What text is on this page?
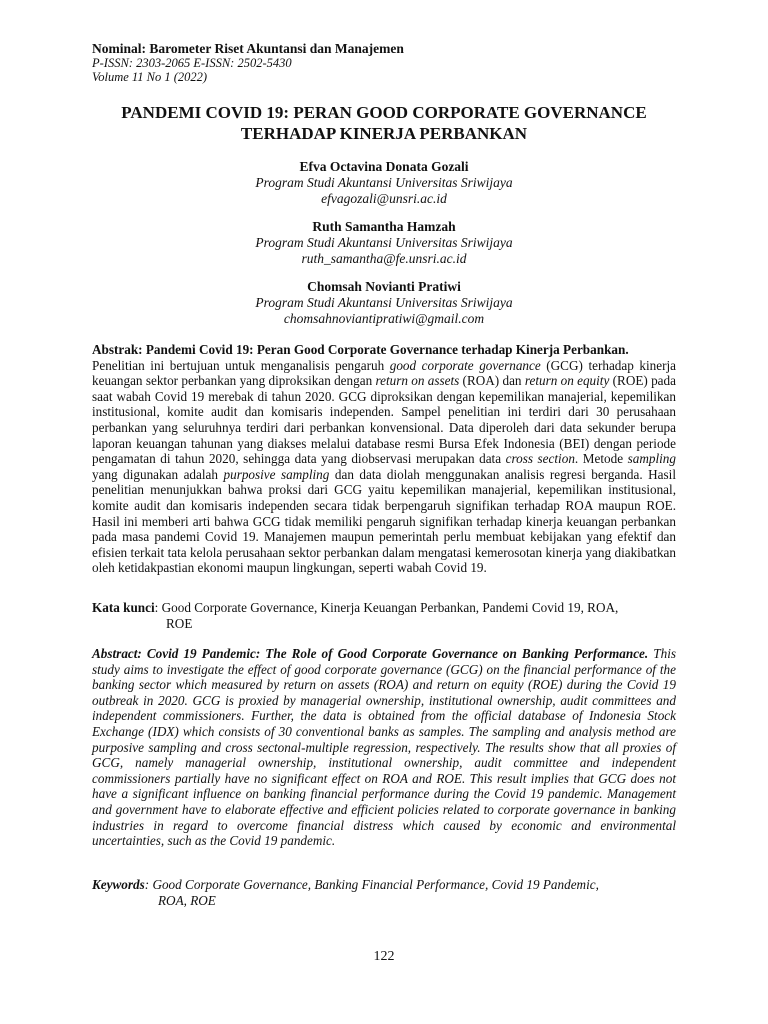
Nominal: Barometer Riset Akuntansi dan Manajemen
P-ISSN: 2303-2065 E-ISSN: 2502-5430
Volume 11 No 1 (2022)
PANDEMI COVID 19: PERAN GOOD CORPORATE GOVERNANCE
TERHADAP KINERJA PERBANKAN
Efva Octavina Donata Gozali
Program Studi Akuntansi Universitas Sriwijaya
efvagozali@unsri.ac.id
Ruth Samantha Hamzah
Program Studi Akuntansi Universitas Sriwijaya
ruth_samantha@fe.unsri.ac.id
Chomsah Novianti Pratiwi
Program Studi Akuntansi Universitas Sriwijaya
chomsahnoviantipratiwi@gmail.com
Abstrak: Pandemi Covid 19: Peran Good Corporate Governance terhadap Kinerja Perbankan.
Penelitian ini bertujuan untuk menganalisis pengaruh good corporate governance (GCG) terhadap kinerja keuangan sektor perbankan yang diproksikan dengan return on assets (ROA) dan return on equity (ROE) pada saat wabah Covid 19 merebak di tahun 2020. GCG diproksikan dengan kepemilikan manajerial, kepemilikan institusional, komite audit dan komisaris independen. Sampel penelitian ini terdiri dari 30 perusahaan perbankan yang seluruhnya terdiri dari perbankan konvensional. Data diperoleh dari data sekunder berupa laporan keuangan tahunan yang diakses melalui database resmi Bursa Efek Indonesia (BEI) dengan periode pengamatan di tahun 2020, sehingga data yang diobservasi merupakan data cross section. Metode sampling yang digunakan adalah purposive sampling dan data diolah menggunakan analisis regresi berganda. Hasil penelitian menunjukkan bahwa proksi dari GCG yaitu kepemilikan manajerial, kepemilikan institusional, komite audit dan komisaris independen secara tidak berpengaruh signifikan terhadap ROA maupun ROE. Hasil ini memberi arti bahwa GCG tidak memiliki pengaruh signifikan terhadap kinerja keuangan perbankan pada masa pandemi Covid 19. Manajemen maupun pemerintah perlu membuat kebijakan yang efektif dan efisien terkait tata kelola perusahaan sektor perbankan dalam mengatasi kemerosotan kinerja yang diakibatkan oleh ketidakpastian ekonomi maupun lingkungan, seperti wabah Covid 19.
Kata kunci: Good Corporate Governance, Kinerja Keuangan Perbankan, Pandemi Covid 19, ROA,
ROE
Abstract: Covid 19 Pandemic: The Role of Good Corporate Governance on Banking Performance. This study aims to investigate the effect of good corporate governance (GCG) on the financial performance of the banking sector which measured by return on assets (ROA) and return on equity (ROE) during the Covid 19 outbreak in 2020. GCG is proxied by managerial ownership, institutional ownership, audit committees and independent commissioners. Further, the data is obtained from the official database of Indonesia Stock Exchange (IDX) which consists of 30 conventional banks as samples. The sampling and analysis method are purposive sampling and cross sectonal-multiple regression, respectively. The results show that all proxies of GCG, namely managerial ownership, institutional ownership, audit committee and independent commissioners partially have no significant effect on ROA and ROE. This result implies that GCG does not have a significant influence on banking financial performance during the Covid 19 pandemic. Management and government have to elaborate effective and efficient policies related to corporate governance in banking industries in regard to overcome financial distress which caused by economic and environmental uncertainties, such as the Covid 19 pandemic.
Keywords: Good Corporate Governance, Banking Financial Performance, Covid 19 Pandemic,
ROA, ROE
122
